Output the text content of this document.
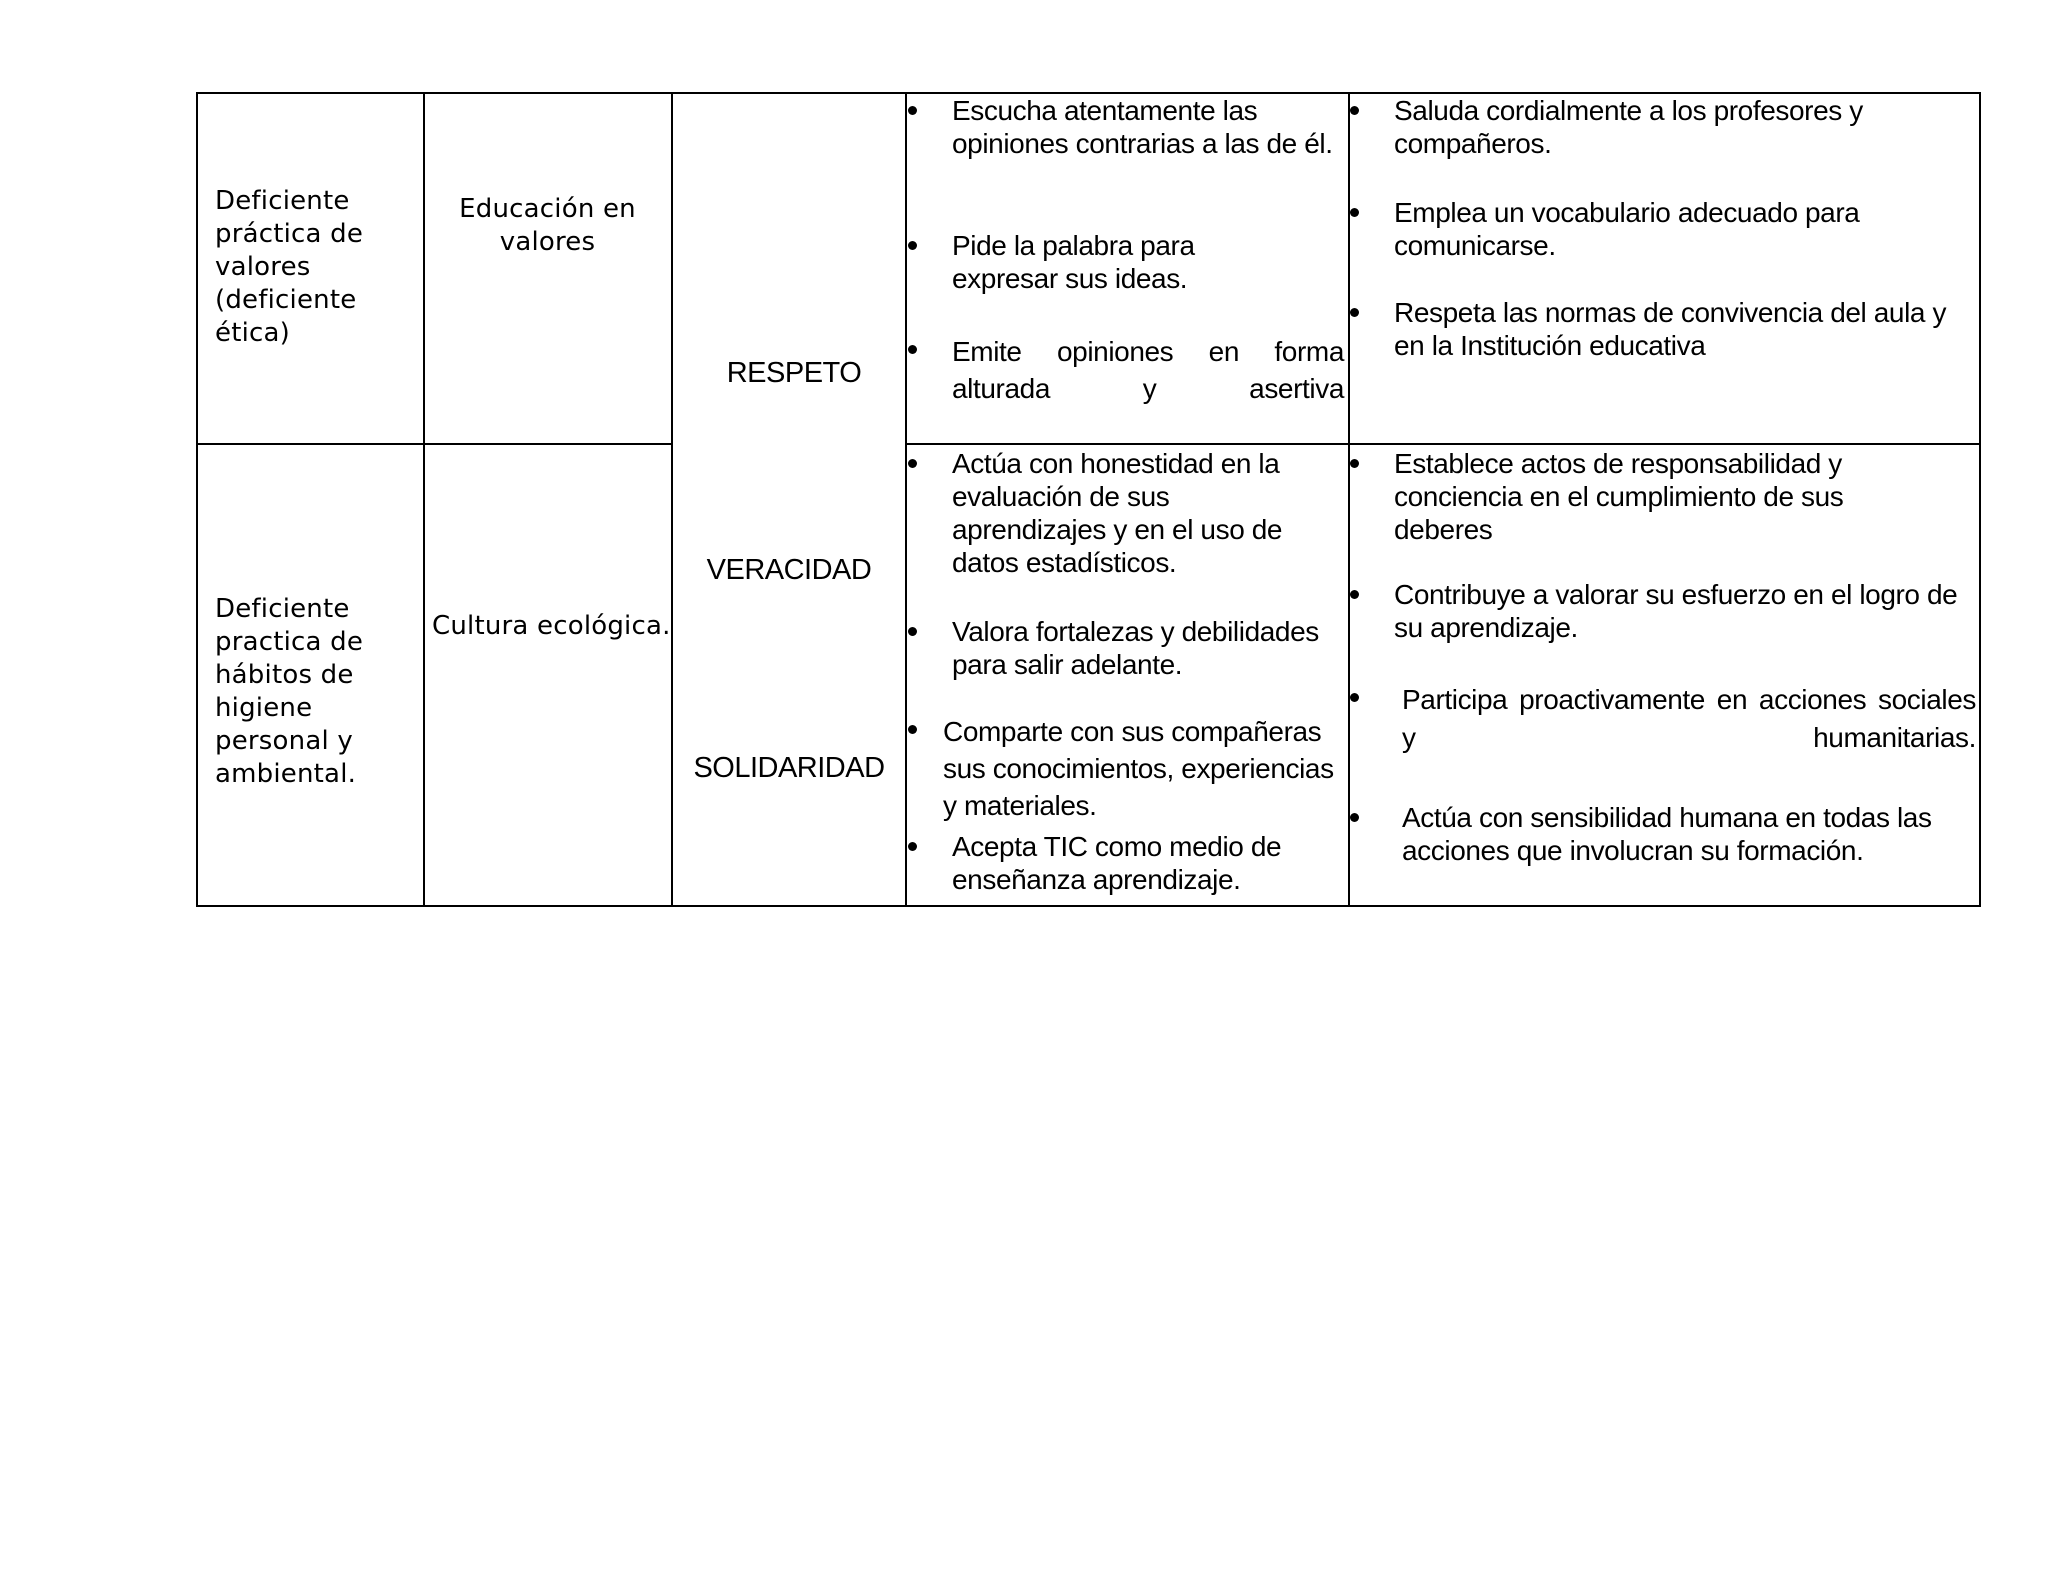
Deficiente práctica de valores (deficiente ética)
Deficiente practica de hábitos de higiene personal y ambiental.
Educación en valores
Cultura ecológica.
RESPETO
VERACIDAD
SOLIDARIDAD
Escucha atentamente las opiniones contrarias a las de él.
Pide la palabra para expresar sus ideas.
Emite opiniones en forma alturada y asertiva
Saluda cordialmente a los profesores y compañeros.
Emplea un vocabulario adecuado para comunicarse.
Respeta las normas de convivencia del aula y en la Institución educativa
Actúa con honestidad en la evaluación de sus aprendizajes y en el uso de datos estadísticos.
Valora fortalezas y debilidades para salir adelante.
Comparte con sus compañeras sus conocimientos, experiencias y materiales.
Acepta TIC como medio de enseñanza aprendizaje.
Establece actos de responsabilidad y conciencia en el cumplimiento de sus deberes
Contribuye a valorar su esfuerzo en el logro de su aprendizaje.
Participa proactivamente en acciones sociales y humanitarias.
Actúa con sensibilidad humana en todas las acciones que involucran su formación.
